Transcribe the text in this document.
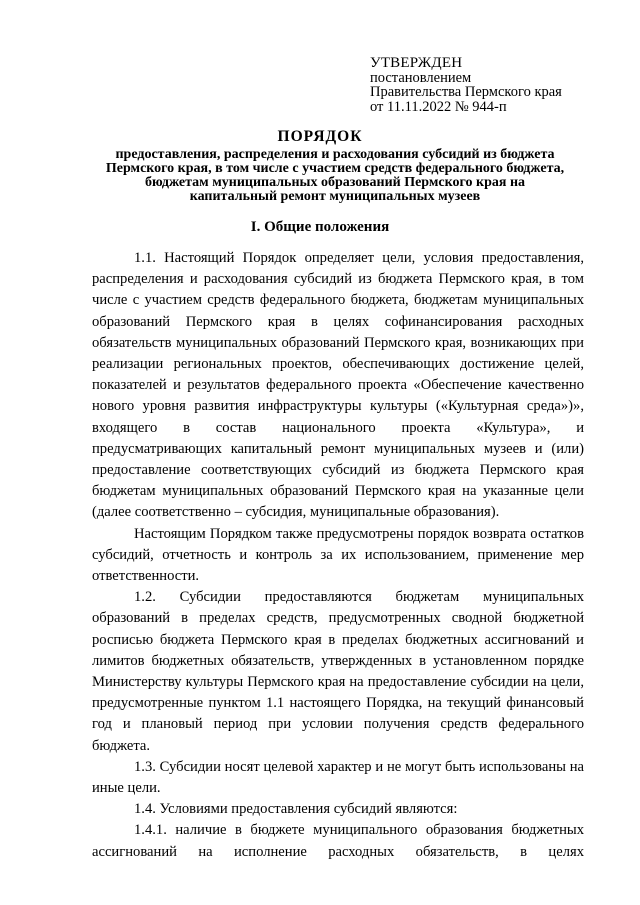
УТВЕРЖДЕН
постановлением
Правительства Пермского края
от 11.11.2022 № 944-п
ПОРЯДОК
предоставления, распределения и расходования субсидий из бюджета Пермского края, в том числе с участием средств федерального бюджета, бюджетам муниципальных образований Пермского края на капитальный ремонт муниципальных музеев
I. Общие положения

1.1. Настоящий Порядок определяет цели, условия предоставления, распределения и расходования субсидий из бюджета Пермского края, в том числе с участием средств федерального бюджета, бюджетам муниципальных образований Пермского края в целях софинансирования расходных обязательств муниципальных образований Пермского края, возникающих при реализации региональных проектов, обеспечивающих достижение целей, показателей и результатов федерального проекта «Обеспечение качественно нового уровня развития инфраструктуры культуры («Культурная среда»)», входящего в состав национального проекта «Культура», и предусматривающих капитальный ремонт муниципальных музеев и (или) предоставление соответствующих субсидий из бюджета Пермского края бюджетам муниципальных образований Пермского края на указанные цели (далее соответственно – субсидия, муниципальные образования).

Настоящим Порядком также предусмотрены порядок возврата остатков субсидий, отчетность и контроль за их использованием, применение мер ответственности.

1.2. Субсидии предоставляются бюджетам муниципальных образований в пределах средств, предусмотренных сводной бюджетной росписью бюджета Пермского края в пределах бюджетных ассигнований и лимитов бюджетных обязательств, утвержденных в установленном порядке Министерству культуры Пермского края на предоставление субсидии на цели, предусмотренные пунктом 1.1 настоящего Порядка, на текущий финансовый год и плановый период при условии получения средств федерального бюджета.

1.3. Субсидии носят целевой характер и не могут быть использованы на иные цели.

1.4. Условиями предоставления субсидий являются:

1.4.1. наличие в бюджете муниципального образования бюджетных ассигнований на исполнение расходных обязательств, в целях
